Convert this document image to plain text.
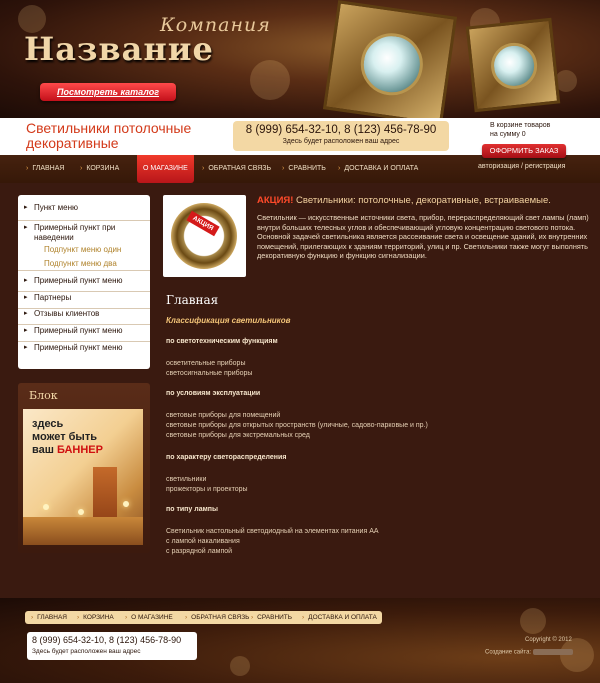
Компания
Название
Посмотреть каталог
Светильники потолочные декоративные
8 (999) 654-32-10, 8 (123) 456-78-90
Здесь будет расположен ваш адрес
В корзине товаров
на сумму 0
› ГЛАВНАЯ	› КОРЗИНА	О МАГАЗИНЕ	› ОБРАТНАЯ СВЯЗЬ	› СРАВНИТЬ	› ДОСТАВКА И ОПЛАТА
ОФОРМИТЬ ЗАКАЗ
авторизация / регистрация
▸ Пункт меню
▸ Примерный пункт при наведении
Подпункт меню один
Подпункт меню два
▸ Примерный пункт меню
▸ Партнеры
▸ Отзывы клиентов
▸ Примерный пункт меню
▸ Примерный пункт меню
Блок
здесь
может быть
ваш БАННЕР
АКЦИЯ
АКЦИЯ! Светильники: потолочные, декоративные, встраиваемые.
Светильник — искусственные источники света, прибор, перераспределяющий свет лампы (ламп) внутри больших телесных углов и обеспечивающий угловую концентрацию светового потока. Основной задачей светильника является рассеивание света и освещение зданий, их внутренних помещений, прилегающих к зданиям территорий, улиц и пр. Светильники также могут выполнять декоративную функцию и функцию сигнализации.
Главная
Классификация светильников
по светотехническим функциям
осветительные приборы
светосигнальные приборы
по условиям эксплуатации
световые приборы для помещений
световые приборы для открытых пространств (уличные, садово-парковые и пр.)
световые приборы для экстремальных сред
по характеру светораспределения
светильники
прожекторы и проекторы
по типу лампы
Светильник настольный светодиодный на элементах питания АА
с лампой накаливания
с разрядной лампой
› ГЛАВНАЯ	› КОРЗИНА	› О МАГАЗИНЕ	› ОБРАТНАЯ СВЯЗЬ	› СРАВНИТЬ	› ДОСТАВКА И ОПЛАТА
8 (999) 654-32-10, 8 (123) 456-78-90
Здесь будет расположен ваш адрес
Copyright © 2012
Создание сайта:
